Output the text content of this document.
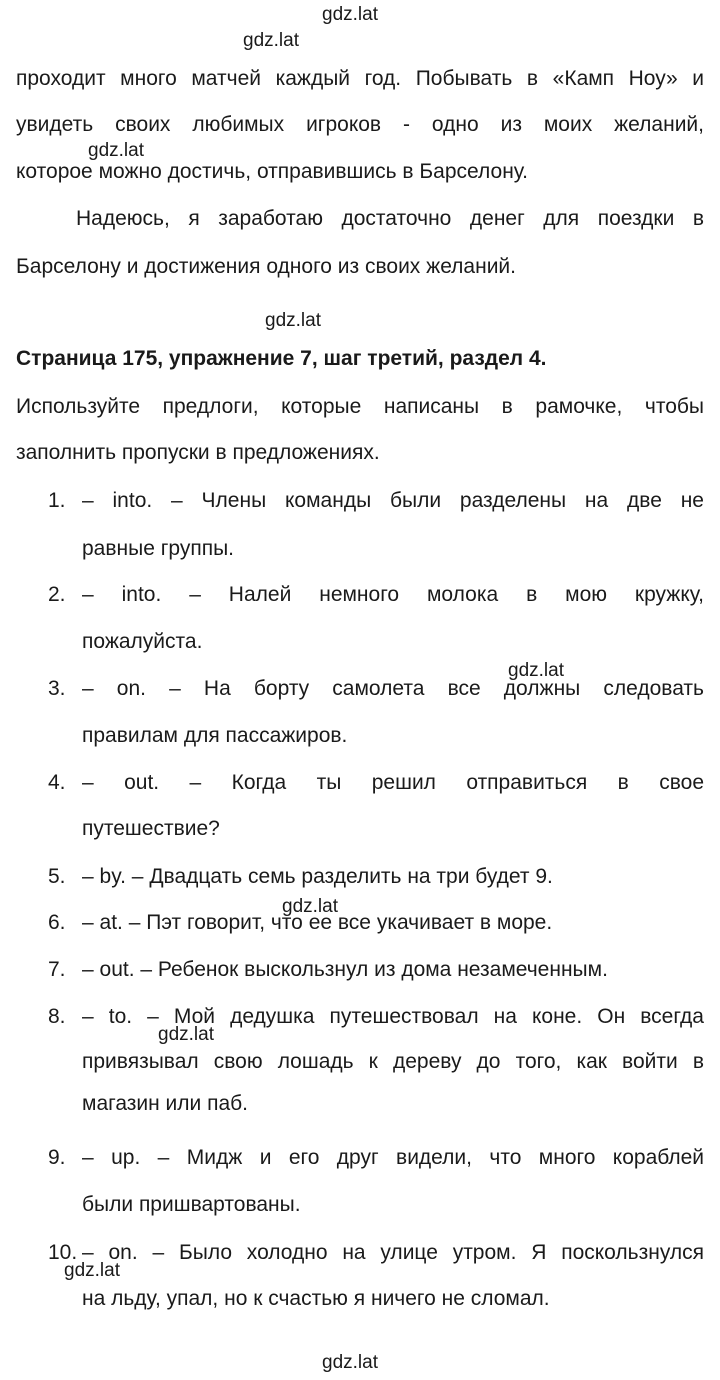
gdz.lat
gdz.lat
gdz.lat
gdz.lat
gdz.lat
gdz.lat
gdz.lat
gdz.lat
gdz.lat
проходит много матчей каждый год. Побывать в «Камп Ноу» и
увидеть своих любимых игроков - одно из моих желаний,
которое можно достичь, отправившись в Барселону.
Надеюсь, я заработаю достаточно денег для поездки в
Барселону и достижения одного из своих желаний.
Страница 175, упражнение 7, шаг третий, раздел 4.
Используйте предлоги, которые написаны в рамочке, чтобы
заполнить пропуски в предложениях.
1. – into. – Члены команды были разделены на две не
равные группы.
2. – into. – Налей немного молока в мою кружку,
пожалуйста.
3. – on. – На борту самолета все должны следовать
правилам для пассажиров.
4. – out. – Когда ты решил отправиться в свое
путешествие?
5. – by. – Двадцать семь разделить на три будет 9.
6. – at. – Пэт говорит, что ее все укачивает в море.
7. – out. – Ребенок выскользнул из дома незамеченным.
8. – to. – Мой дедушка путешествовал на коне. Он всегда
привязывал свою лошадь к дереву до того, как войти в
магазин или паб.
9. – up. – Мидж и его друг видели, что много кораблей
были пришвартованы.
10. – on. – Было холодно на улице утром. Я поскользнулся
на льду, упал, но к счастью я ничего не сломал.
